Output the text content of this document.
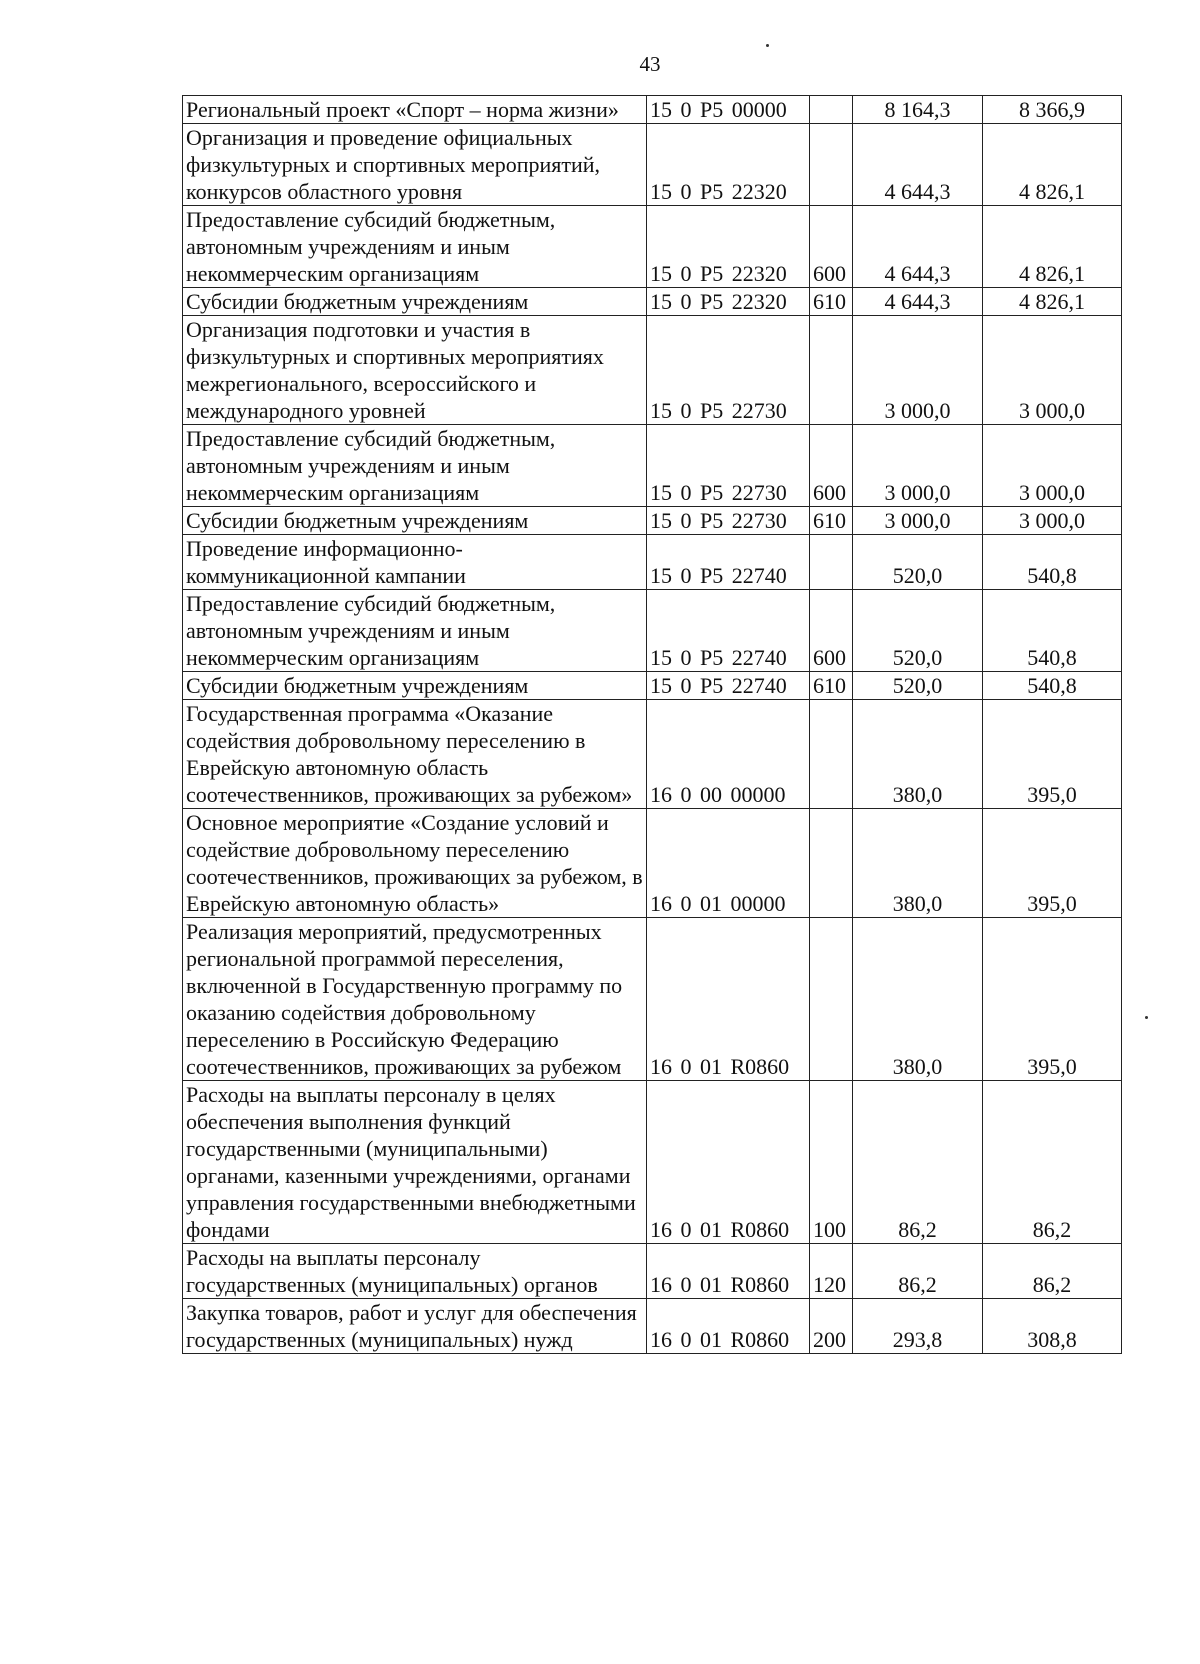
43
Региональный проект «Спорт – норма жизни»	15 0 P5 00000		8 164,3	8 366,9
Организация и проведение официальных физкультурных и спортивных мероприятий, конкурсов областного уровня	15 0 P5 22320		4 644,3	4 826,1
Предоставление субсидий бюджетным, автономным учреждениям и иным некоммерческим организациям	15 0 P5 22320	600	4 644,3	4 826,1
Субсидии бюджетным учреждениям	15 0 P5 22320	610	4 644,3	4 826,1
Организация подготовки и участия в физкультурных и спортивных мероприятиях межрегионального, всероссийского и международного уровней	15 0 P5 22730		3 000,0	3 000,0
Предоставление субсидий бюджетным, автономным учреждениям и иным некоммерческим организациям	15 0 P5 22730	600	3 000,0	3 000,0
Субсидии бюджетным учреждениям	15 0 P5 22730	610	3 000,0	3 000,0
Проведение информационно-коммуникационной кампании	15 0 P5 22740		520,0	540,8
Предоставление субсидий бюджетным, автономным учреждениям и иным некоммерческим организациям	15 0 P5 22740	600	520,0	540,8
Субсидии бюджетным учреждениям	15 0 P5 22740	610	520,0	540,8
Государственная программа «Оказание содействия добровольному переселению в Еврейскую автономную область соотечественников, проживающих за рубежом»	16 0 00 00000		380,0	395,0
Основное мероприятие «Создание условий и содействие добровольному переселению соотечественников, проживающих за рубежом, в Еврейскую автономную область»	16 0 01 00000		380,0	395,0
Реализация мероприятий, предусмотренных региональной программой переселения, включенной в Государственную программу по оказанию содействия добровольному переселению в Российскую Федерацию соотечественников, проживающих за рубежом	16 0 01 R0860		380,0	395,0
Расходы на выплаты персоналу в целях обеспечения выполнения функций государственными (муниципальными) органами, казенными учреждениями, органами управления государственными внебюджетными фондами	16 0 01 R0860	100	86,2	86,2
Расходы на выплаты персоналу государственных (муниципальных) органов	16 0 01 R0860	120	86,2	86,2
Закупка товаров, работ и услуг для обеспечения государственных (муниципальных) нужд	16 0 01 R0860	200	293,8	308,8
